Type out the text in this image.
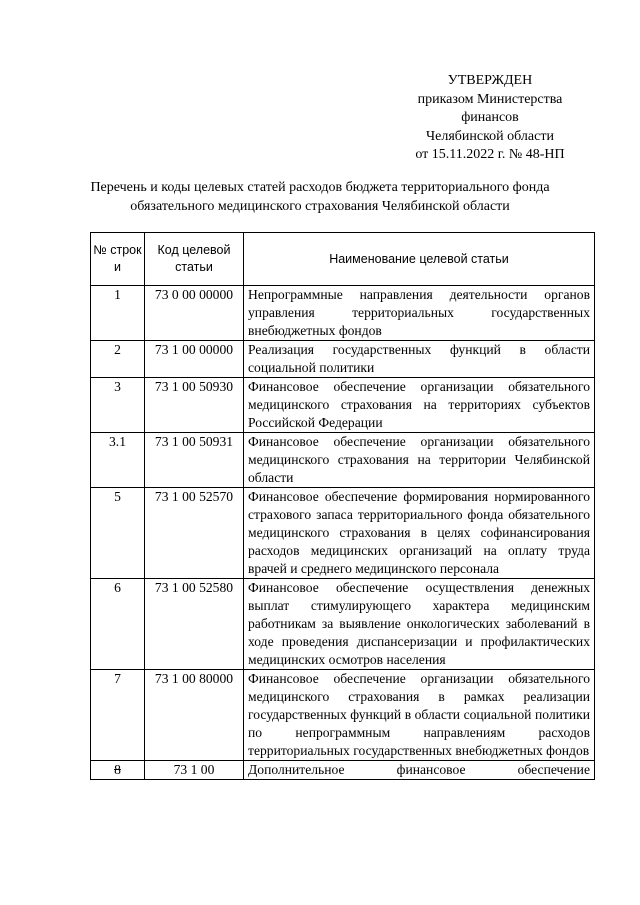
УТВЕРЖДЕН
приказом Министерства
финансов
Челябинской области
от 15.11.2022 г. № 48-НП
Перечень и коды целевых статей расходов бюджета территориального фонда
обязательного медицинского страхования Челябинской области
№ строк и	Код целевой статьи	Наименование целевой статьи
1	73 0 00 00000	Непрограммные направления деятельности органов управления территориальных государственных внебюджетных фондов
2	73 1 00 00000	Реализация государственных функций в области социальной политики
3	73 1 00 50930	Финансовое обеспечение организации обязательного медицинского страхования на территориях субъектов Российской Федерации
3.1	73 1 00 50931	Финансовое обеспечение организации обязательного медицинского страхования на территории Челябинской области
5	73 1 00 52570	Финансовое обеспечение формирования нормированного страхового запаса территориального фонда обязательного медицинского страхования в целях софинансирования расходов медицинских организаций на оплату труда врачей и среднего медицинского персонала
6	73 1 00 52580	Финансовое обеспечение осуществления денежных выплат стимулирующего характера медицинским работникам за выявление онкологических заболеваний в ходе проведения диспансеризации и профилактических медицинских осмотров населения
7	73 1 00 80000	Финансовое обеспечение организации обязательного медицинского страхования в рамках реализации государственных функций в области социальной политики по непрограммным направлениям расходов территориальных государственных внебюджетных фондов
8	73 1 00	Дополнительное финансовое обеспечение
